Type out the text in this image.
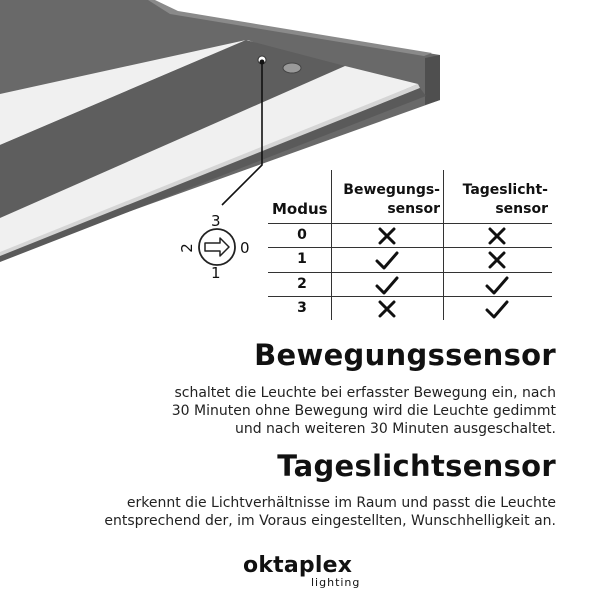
3
0
1
2
Modus
Bewegungs-
sensor
Tageslicht-
sensor
0
1
2
3
Bewegungssensor
schaltet die Leuchte bei erfasster Bewegung ein, nach
30 Minuten ohne Bewegung wird die Leuchte gedimmt
und nach weiteren 30 Minuten ausgeschaltet.
Tageslichtsensor
erkennt die Lichtverhältnisse im Raum und passt die Leuchte
entsprechend der, im Voraus eingestellten, Wunschhelligkeit an.
oktaplex
lighting
